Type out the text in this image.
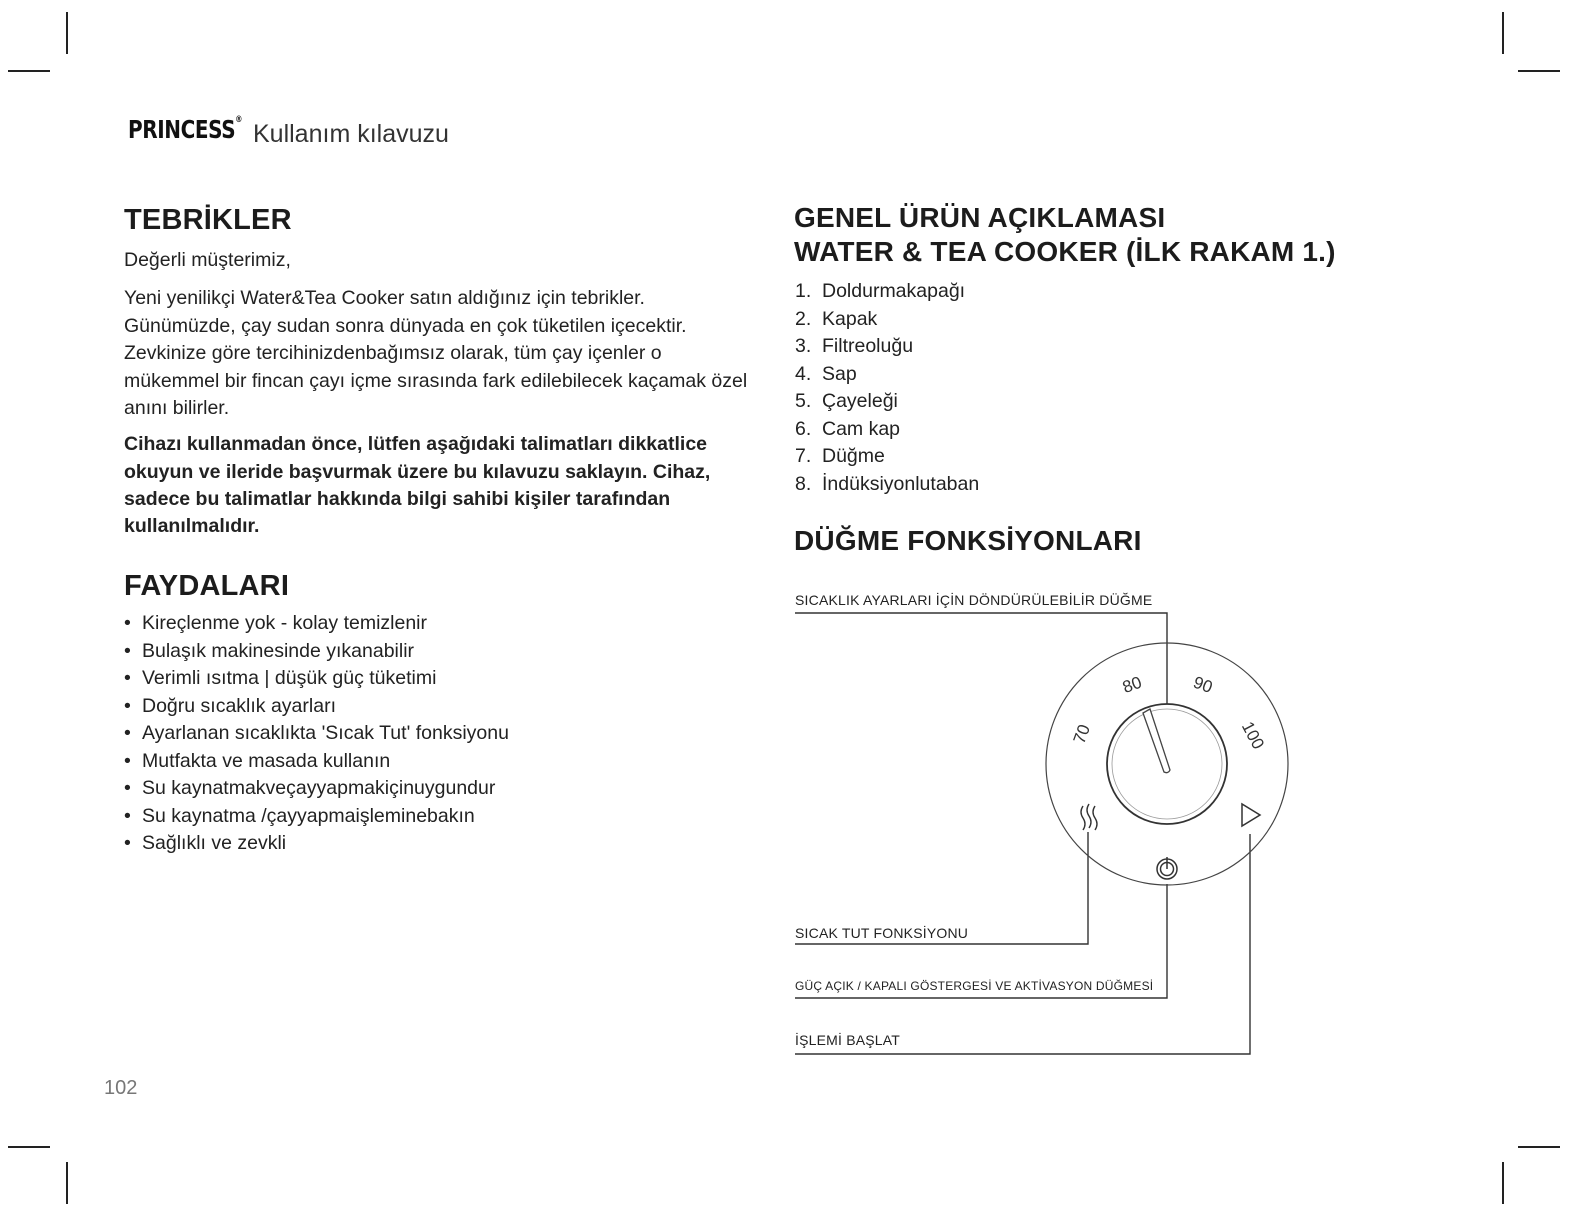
PRINCESS® Kullanım kılavuzu
TEBRİKLER

Değerli müşterimiz,

Yeni yenilikçi Water&Tea Cooker satın aldığınız için tebrikler.

Günümüzde, çay sudan sonra dünyada en çok tüketilen içecektir.

Zevkinize göre tercihinizdenbağımsız olarak, tüm çay içenler o

mükemmel bir fincan çayı içme sırasında fark edilebilecek kaçamak özel

anını bilirler.

Cihazı kullanmadan önce, lütfen aşağıdaki talimatları dikkatlice

okuyun ve ileride başvurmak üzere bu kılavuzu saklayın. Cihaz,

sadece bu talimatlar hakkında bilgi sahibi kişiler tarafından

kullanılmalıdır.

FAYDALARI
• Kireçlenme yok - kolay temizlenir
• Bulaşık makinesinde yıkanabilir
• Verimli ısıtma | düşük güç tüketimi
• Doğru sıcaklık ayarları
• Ayarlanan sıcaklıkta 'Sıcak Tut' fonksiyonu
• Mutfakta ve masada kullanın
• Su kaynatmakveçayyapmakiçinuygundur
• Su kaynatma /çayyapmaişleminebakın
• Sağlıklı ve zevkli
102
GENEL ÜRÜN AÇIKLAMASI
WATER & TEA COOKER (İLK RAKAM 1.)
1. Doldurmakapağı
2. Kapak
3. Filtreoluğu
4. Sap
5. Çayeleği
6. Cam kap
7. Düğme
8. İndüksiyonlutaban
DÜĞME FONKSİYONLARI
SICAKLIK AYARLARI İÇİN DÖNDÜRÜLEBİLİR DÜĞME
SICAK TUT FONKSİYONU
GÜÇ AÇIK / KAPALI GÖSTERGESİ VE AKTİVASYON DÜĞMESİ
İŞLEMİ BAŞLAT
70
80	90
100
